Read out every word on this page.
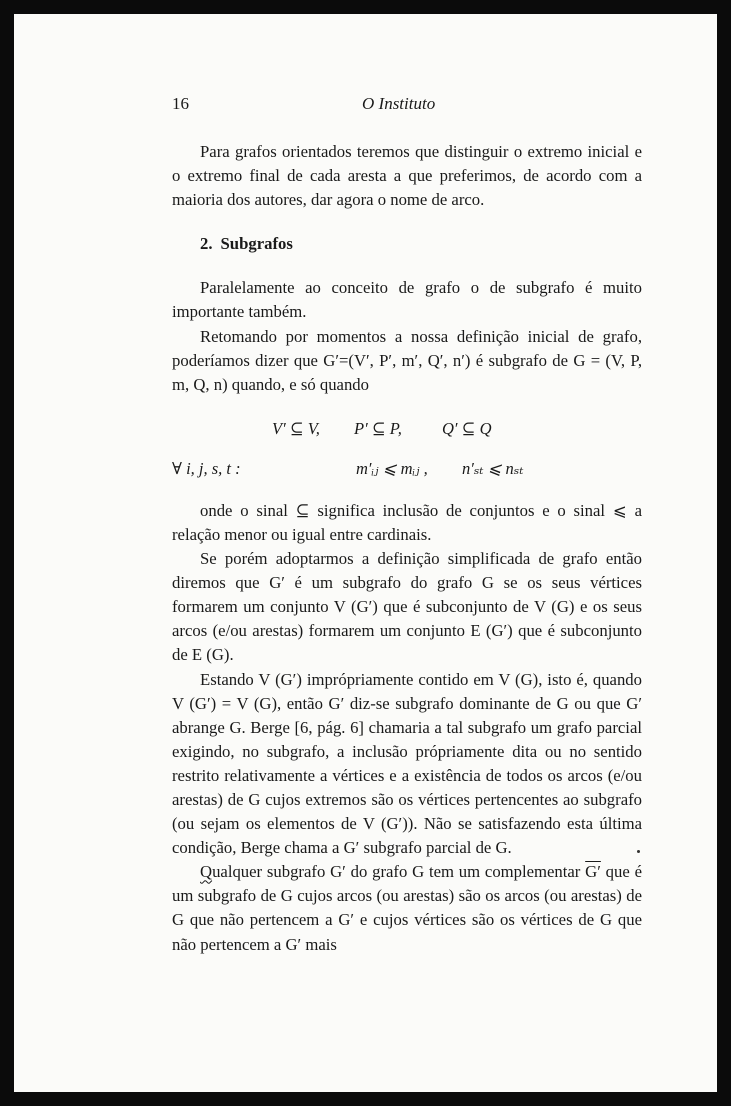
16	O Instituto

Para grafos orientados teremos que distinguir o extremo inicial e o extremo final de cada aresta a que preferimos, de acordo com a maioria dos autores, dar agora o nome de arco.

2. Subgrafos

Paralelamente ao conceito de grafo o de subgrafo é muito importante também.

Retomando por momentos a nossa definição inicial de grafo, poderíamos dizer que G′=(V′, P′, m′, Q′, n′) é subgrafo de G = (V, P, m, Q, n) quando, e só quando

V′ ⊆ V, P′ ⊆ P, Q′ ⊆ Q
∀ i, j, s, t :	m′ᵢⱼ ⩽ mᵢⱼ , n′ₛₜ ⩽ nₛₜ

onde o sinal ⊆ significa inclusão de conjuntos e o sinal ⩽ a relação menor ou igual entre cardinais.

Se porém adoptarmos a definição simplificada de grafo então diremos que G′ é um subgrafo do grafo G se os seus vértices formarem um conjunto V (G′) que é subconjunto de V (G) e os seus arcos (e/ou arestas) formarem um conjunto E (G′) que é subconjunto de E (G).

Estando V (G′) imprópriamente contido em V (G), isto é, quando V (G′) = V (G), então G′ diz-se subgrafo dominante de G ou que G′ abrange G. Berge [6, pág. 6] chamaria a tal subgrafo um grafo parcial exigindo, no subgrafo, a inclusão própriamente dita ou no sentido restrito relativamente a vértices e a existência de todos os arcos (e/ou arestas) de G cujos extremos são os vértices pertencentes ao subgrafo (ou sejam os elementos de V (G′)). Não se satisfazendo esta última condição, Berge chama a G′ subgrafo parcial de G.

Qualquer subgrafo G′ do grafo G tem um complementar G′ que é um subgrafo de G cujos arcos (ou arestas) são os arcos (ou arestas) de G que não pertencem a G′ e cujos vértices são os vértices de G que não pertencem a G′ mais
